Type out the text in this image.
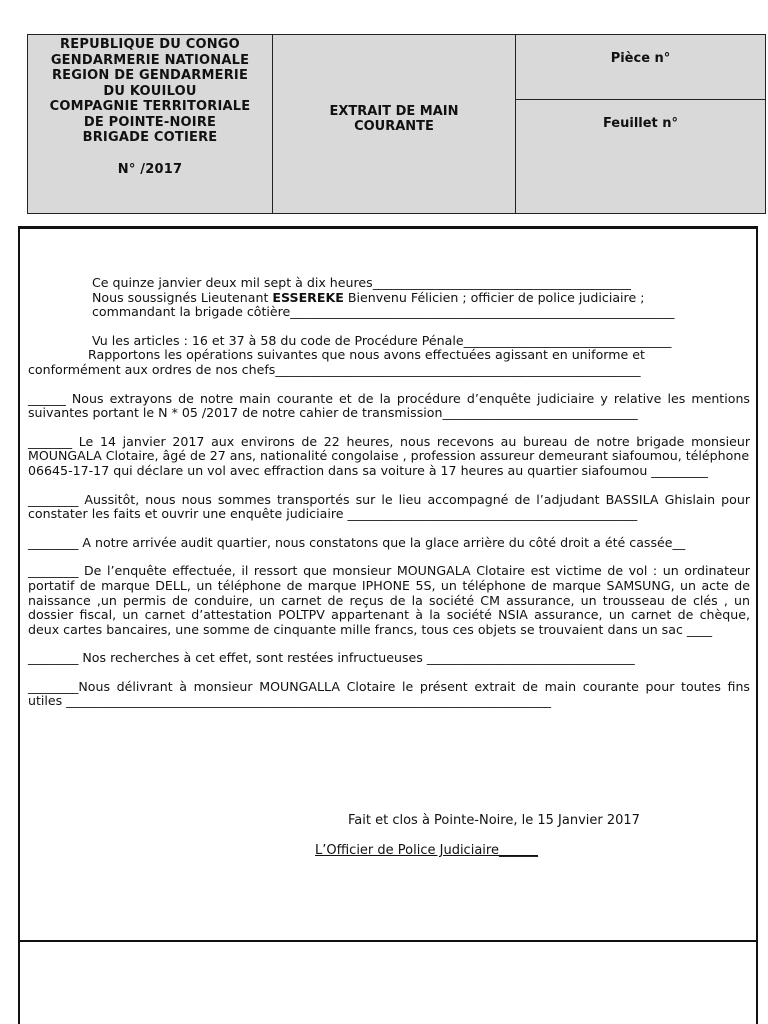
REPUBLIQUE DU CONGO
GENDARMERIE NATIONALE
REGION DE GENDARMERIE
DU KOUILOU
COMPAGNIE TERRITORIALE
DE POINTE-NOIRE
BRIGADE COTIERE
N° /2017
EXTRAIT DE MAIN
COURANTE
Pièce n°
Feuillet n°

Ce quinze janvier deux mil sept à dix heures_________________________________________

Nous soussignés Lieutenant ESSEREKE Bienvenu Félicien ; officier de police judiciaire ;

commandant la brigade côtière_____________________________________________________________

Vu les articles : 16 et 37 à 58 du code de Procédure Pénale_________________________________

Rapportons les opérations suivantes que nous avons effectuées agissant en uniforme et

conformément aux ordres de nos chefs__________________________________________________________

______ Nous extrayons de notre main courante et de la procédure d’enquête judiciaire y relative les mentions suivantes portant le N * 05 /2017 de notre cahier de transmission_______________________________

_______ Le 14 janvier 2017 aux environs de 22 heures, nous recevons au bureau de notre brigade monsieur MOUNGALA Clotaire, âgé de 27 ans, nationalité congolaise , profession assureur demeurant siafoumou, téléphone

06645-17-17 qui déclare un vol avec effraction dans sa voiture à 17 heures au quartier siafoumou _________

________ Aussitôt, nous nous sommes transportés sur le lieu accompagné de l’adjudant BASSILA Ghislain pour constater les faits et ouvrir une enquête judiciaire ______________________________________________

________ A notre arrivée audit quartier, nous constatons que la glace arrière du côté droit a été cassée__

________ De l’enquête effectuée, il ressort que monsieur MOUNGALA Clotaire est victime de vol : un ordinateur portatif de marque DELL, un téléphone de marque IPHONE 5S, un téléphone de marque SAMSUNG, un acte de naissance ,un permis de conduire, un carnet de reçus de la société CM assurance, un trousseau de clés , un dossier fiscal, un carnet d’attestation POLTPV appartenant à la société NSIA assurance, un carnet de chèque, deux cartes bancaires, une somme de cinquante mille francs, tous ces objets se trouvaient dans un sac ____

________ Nos recherches à cet effet, sont restées infructueuses _________________________________

________Nous délivrant à monsieur MOUNGALLA Clotaire le présent extrait de main courante pour toutes fins utiles _____________________________________________________________________________

Fait et clos à Pointe-Noire, le 15 Janvier 2017
L’Officier de Police Judiciaire______
